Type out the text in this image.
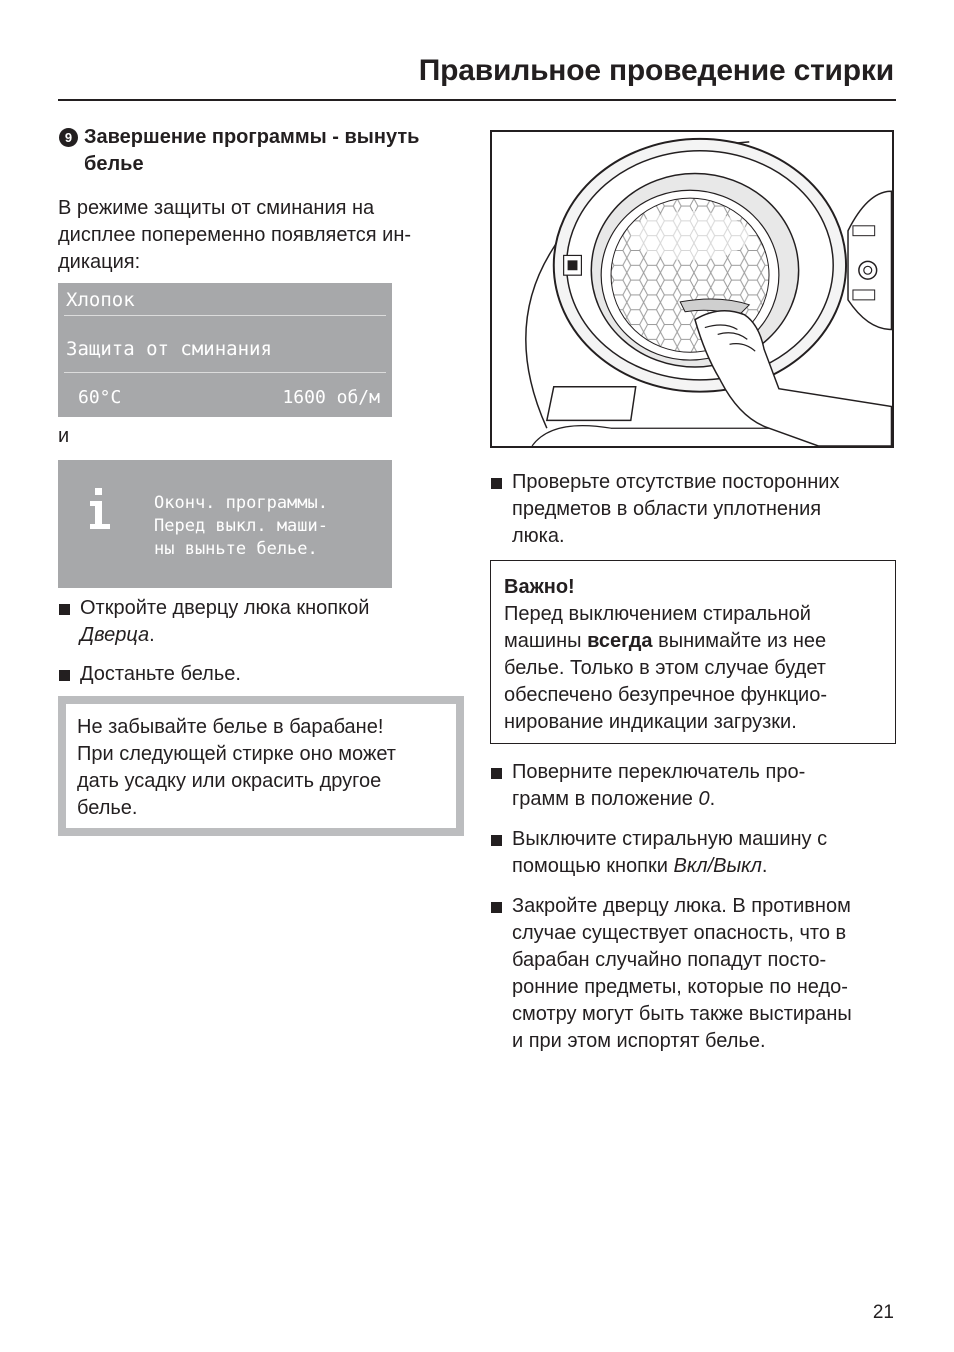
Правильное проведение стирки
9 Завершение программы - вынуть белье

В режиме защиты от сминания на
дисплее попеременно появляется ин-
дикация:

Хлопок
Защита от сминания
60°C	1600 об/м

и

Оконч. программы.
Перед выкл. маши-
ны выньте белье.
Откройте дверцу люка кнопкой
Дверца.
Достаньте белье.
Не забывайте белье в барабане!
При следующей стирке оно может
дать усадку или окрасить другое
белье.
Проверьте отсутствие посторонних
предметов в области уплотнения
люка.
Важно!
Перед выключением стиральной
машины всегда вынимайте из нее
белье. Только в этом случае будет
обеспечено безупречное функцио-
нирование индикации загрузки.
Поверните переключатель про-
грамм в положение 0.
Выключите стиральную машину с
помощью кнопки Вкл/Выкл.
Закройте дверцу люка. В противном
случае существует опасность, что в
барабан случайно попадут посто-
ронние предметы, которые по недо-
смотру могут быть также выстираны
и при этом испортят белье.
21
